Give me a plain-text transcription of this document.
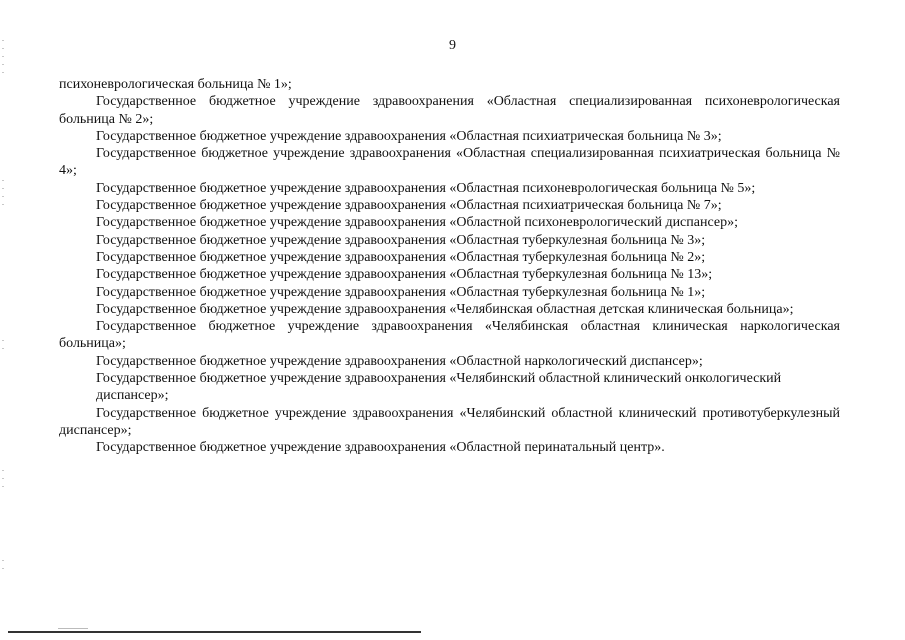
9

психоневрологическая больница № 1»;

Государственное бюджетное учреждение здравоохранения «Областная специализированная психоневрологическая больница № 2»;

Государственное бюджетное учреждение здравоохранения «Областная психиатрическая больница № 3»;

Государственное бюджетное учреждение здравоохранения «Областная специализированная психиатрическая больница № 4»;

Государственное бюджетное учреждение здравоохранения «Областная психоневрологическая больница № 5»;

Государственное бюджетное учреждение здравоохранения «Областная психиатрическая больница № 7»;

Государственное бюджетное учреждение здравоохранения «Областной психоневрологический диспансер»;

Государственное бюджетное учреждение здравоохранения «Областная туберкулезная больница № 3»;

Государственное бюджетное учреждение здравоохранения «Областная туберкулезная больница № 2»;

Государственное бюджетное учреждение здравоохранения «Областная туберкулезная больница № 13»;

Государственное бюджетное учреждение здравоохранения «Областная туберкулезная больница № 1»;

Государственное бюджетное учреждение здравоохранения «Челябинская областная детская клиническая больница»;

Государственное бюджетное учреждение здравоохранения «Челябинская областная клиническая наркологическая больница»;

Государственное бюджетное учреждение здравоохранения «Областной наркологический диспансер»;

Государственное бюджетное учреждение здравоохранения «Челябинский областной клинический онкологический
диспансер»;

Государственное бюджетное учреждение здравоохранения «Челябинский областной клинический противотуберкулезный диспансер»;

Государственное бюджетное учреждение здравоохранения «Областной перинатальный центр».
